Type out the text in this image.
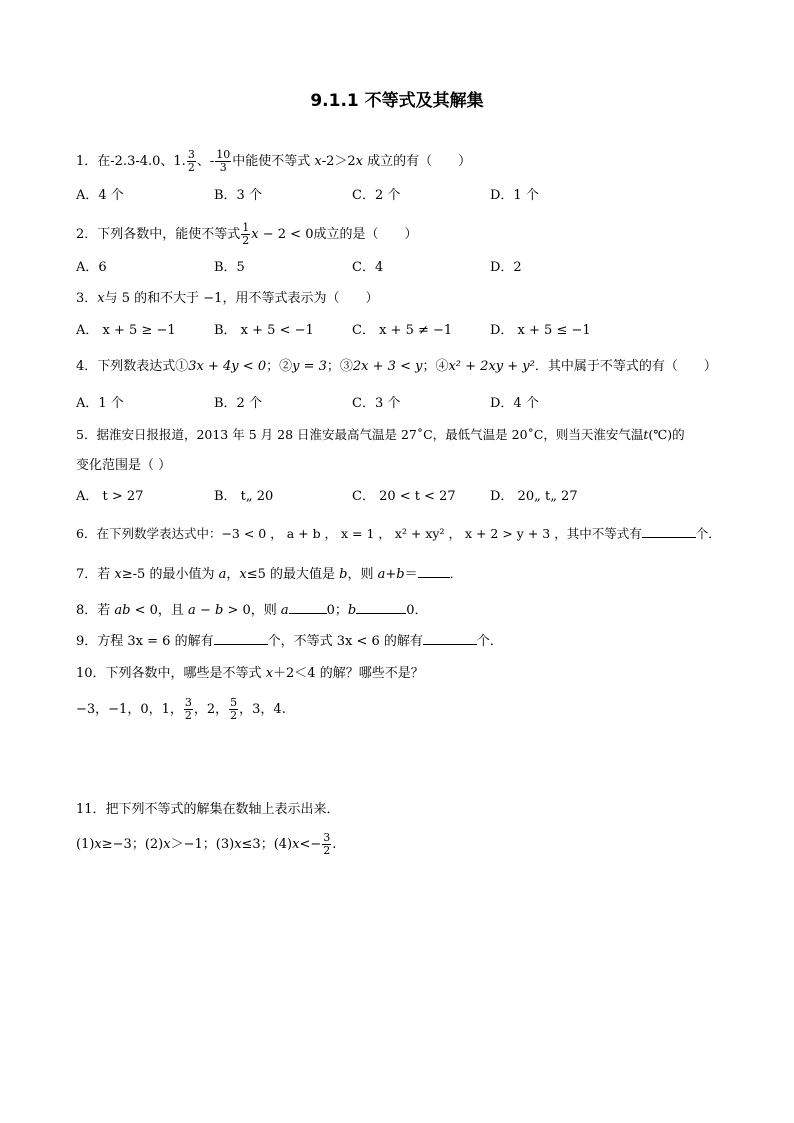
9.1.1 不等式及其解集
1．在-2.3-4.0、1. $\frac{3}{2}$ 、- $\frac{10}{3}$ 中能使不等式 x-2＞2x 成立的有（　　）
A．4 个	B．3 个	C．2 个	D．1 个
2．下列各数中，能使不等式 $\frac{1}{2}$ x − 2 < 0成立的是（　　）
A．6	B．5	C．4	D．2
3．x与 5 的和不大于 −1，用不等式表示为（　　）
A． x + 5 ≥ −1	B． x + 5 < −1	C． x + 5 ≠ −1	D． x + 5 ≤ −1
4．下列数表达式①3x + 4y < 0；②y = 3；③2x + 3 < y；④x² + 2xy + y²．其中属于不等式的有（　　）
A．1 个	B．2 个	C．3 个	D．4 个
5．据淮安日报报道，2013 年 5 月 28 日淮安最高气温是 27˚C，最低气温是 20˚C，则当天淮安气温t(℃)的
变化范围是（ ）
A． t > 27	B． t„ 20	C． 20 < t < 27	D． 20„ t„ 27
6．在下列数学表达式中：−3 < 0 ， a + b ， x = 1 ， x² + xy² ， x + 2 > y + 3 ，其中不等式有	个．
7．若 x≥-5 的最小值为 a，x≤5 的最大值是 b，则 a+b＝ ．
8．若 ab < 0，且 a − b > 0，则 a	0；b	0．
9．方程 3x = 6 的解有	个，不等式 3x < 6 的解有	个．
10．下列各数中，哪些是不等式 x＋2＜4 的解？哪些不是？
−3，−1，0，1， $\frac{3}{2}$ ，2， $\frac{5}{2}$ ，3，4.
11．把下列不等式的解集在数轴上表示出来．
(1)x≥−3；(2)x＞−1；(3)x≤3；$(4)x<- \frac{3}{2}$ .
